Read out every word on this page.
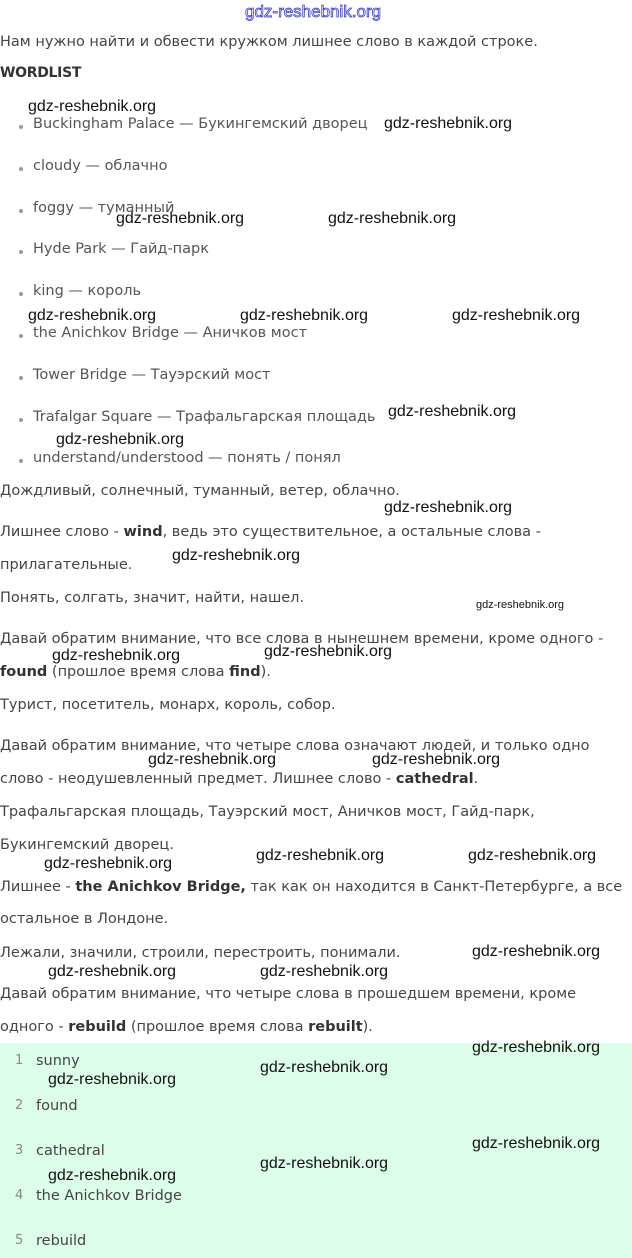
gdz-reshebnik.org
Нам нужно найти и обвести кружком лишнее слово в каждой строке.
WORDLIST
Buckingham Palace — Букингемский дворец
cloudy — облачно
foggy — туманный
Hyde Park — Гайд-парк
king — король
the Anichkov Bridge — Аничков мост
Tower Bridge — Тауэрский мост
Trafalgar Square — Трафальгарская площадь
understand/understood — понять / понял
Дождливый, солнечный, туманный, ветер, облачно.
Лишнее слово - wind, ведь это существительное, а остальные слова -
прилагательные.
Понять, солгать, значит, найти, нашел.
Давай обратим внимание, что все слова в нынешнем времени, кроме одного -
found (прошлое время слова find).
Турист, посетитель, монарх, король, собор.
Давай обратим внимание, что четыре слова означают людей, и только одно
слово - неодушевленный предмет. Лишнее слово - cathedral.
Трафальгарская площадь, Тауэрский мост, Аничков мост, Гайд-парк,
Букингемский дворец.
Лишнее - the Anichkov Bridge, так как он находится в Санкт-Петербурге, а все
остальное в Лондоне.
Лежали, значили, строили, перестроить, понимали.
Давай обратим внимание, что четыре слова в прошедшем времени, кроме
одного - rebuild (прошлое время слова rebuilt).
1 sunny
2 found
3 cathedral
4 the Anichkov Bridge
5 rebuild
gdz-reshebnik.org
gdz-reshebnik.org
gdz-reshebnik.org	gdz-reshebnik.org
gdz-reshebnik.org	gdz-reshebnik.org	gdz-reshebnik.org
gdz-reshebnik.org
gdz-reshebnik.org
gdz-reshebnik.org
gdz-reshebnik.org
gdz-reshebnik.org
gdz-reshebnik.org	gdz-reshebnik.org
gdz-reshebnik.org	gdz-reshebnik.org
gdz-reshebnik.org	gdz-reshebnik.org	gdz-reshebnik.org
gdz-reshebnik.org
gdz-reshebnik.org	gdz-reshebnik.org
gdz-reshebnik.org
gdz-reshebnik.org
gdz-reshebnik.org
gdz-reshebnik.org
gdz-reshebnik.org
gdz-reshebnik.org
